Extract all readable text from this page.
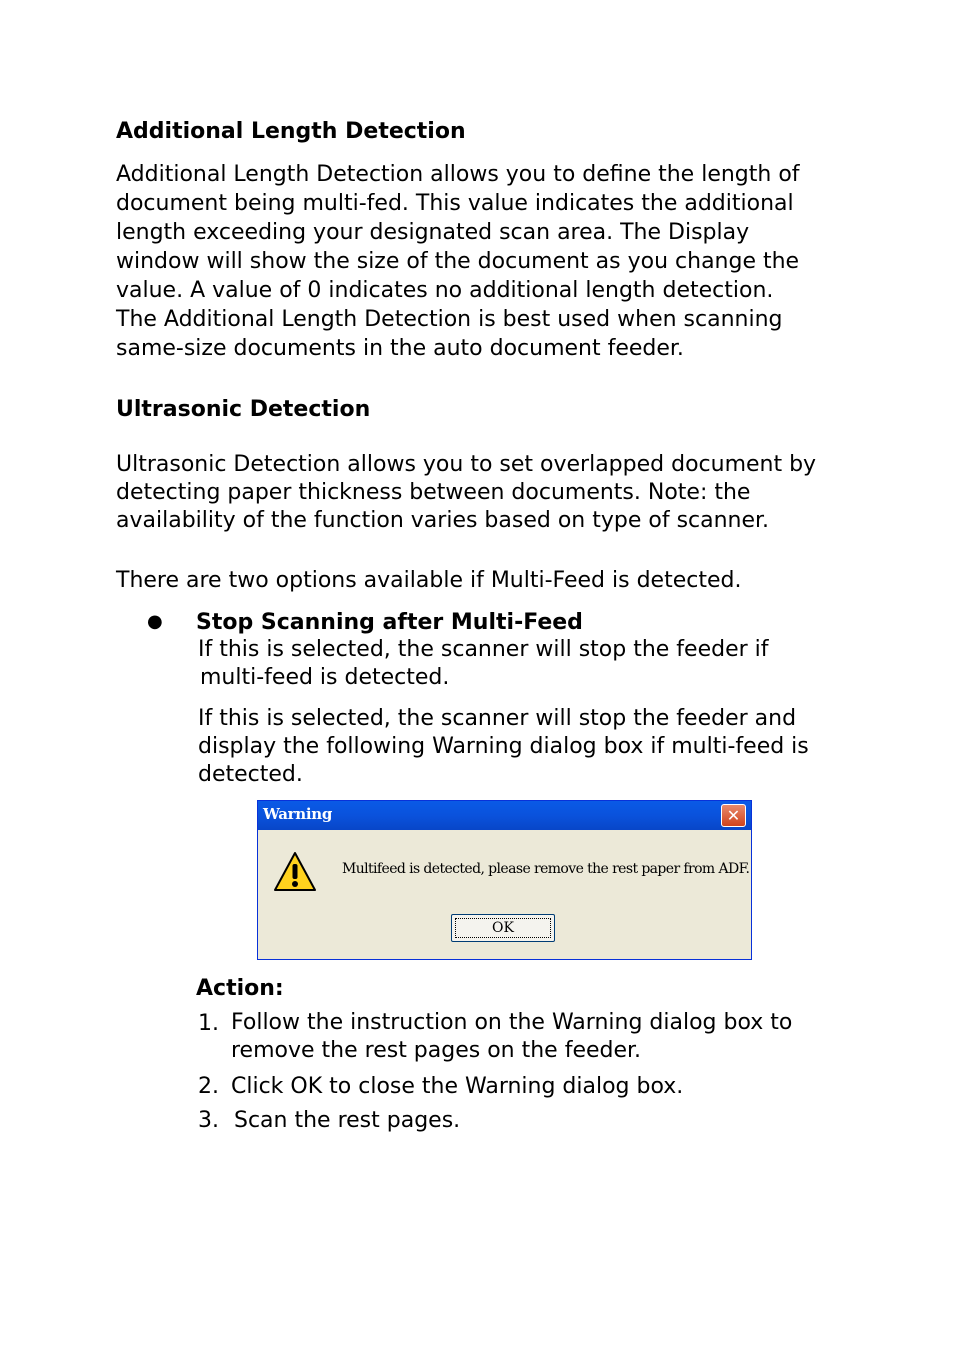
Additional Length Detection
Additional Length Detection allows you to define the length of
document being multi-fed. This value indicates the additional
length exceeding your designated scan area. The Display
window will show the size of the document as you change the
value. A value of 0 indicates no additional length detection.
The Additional Length Detection is best used when scanning
same-size documents in the auto document feeder.
Ultrasonic Detection
Ultrasonic Detection allows you to set overlapped document by
detecting paper thickness between documents. Note: the
availability of the function varies based on type of scanner.
There are two options available if Multi-Feed is detected.
● Stop Scanning after Multi-Feed
If this is selected, the scanner will stop the feeder if
multi-feed is detected.
If this is selected, the scanner will stop the feeder and
display the following Warning dialog box if multi-feed is
detected.
Warning	✕
Multifeed is detected, please remove the rest paper from ADF.
OK
Action:
1. Follow the instruction on the Warning dialog box to
remove the rest pages on the feeder.
2. Click OK to close the Warning dialog box.
3. Scan the rest pages.
